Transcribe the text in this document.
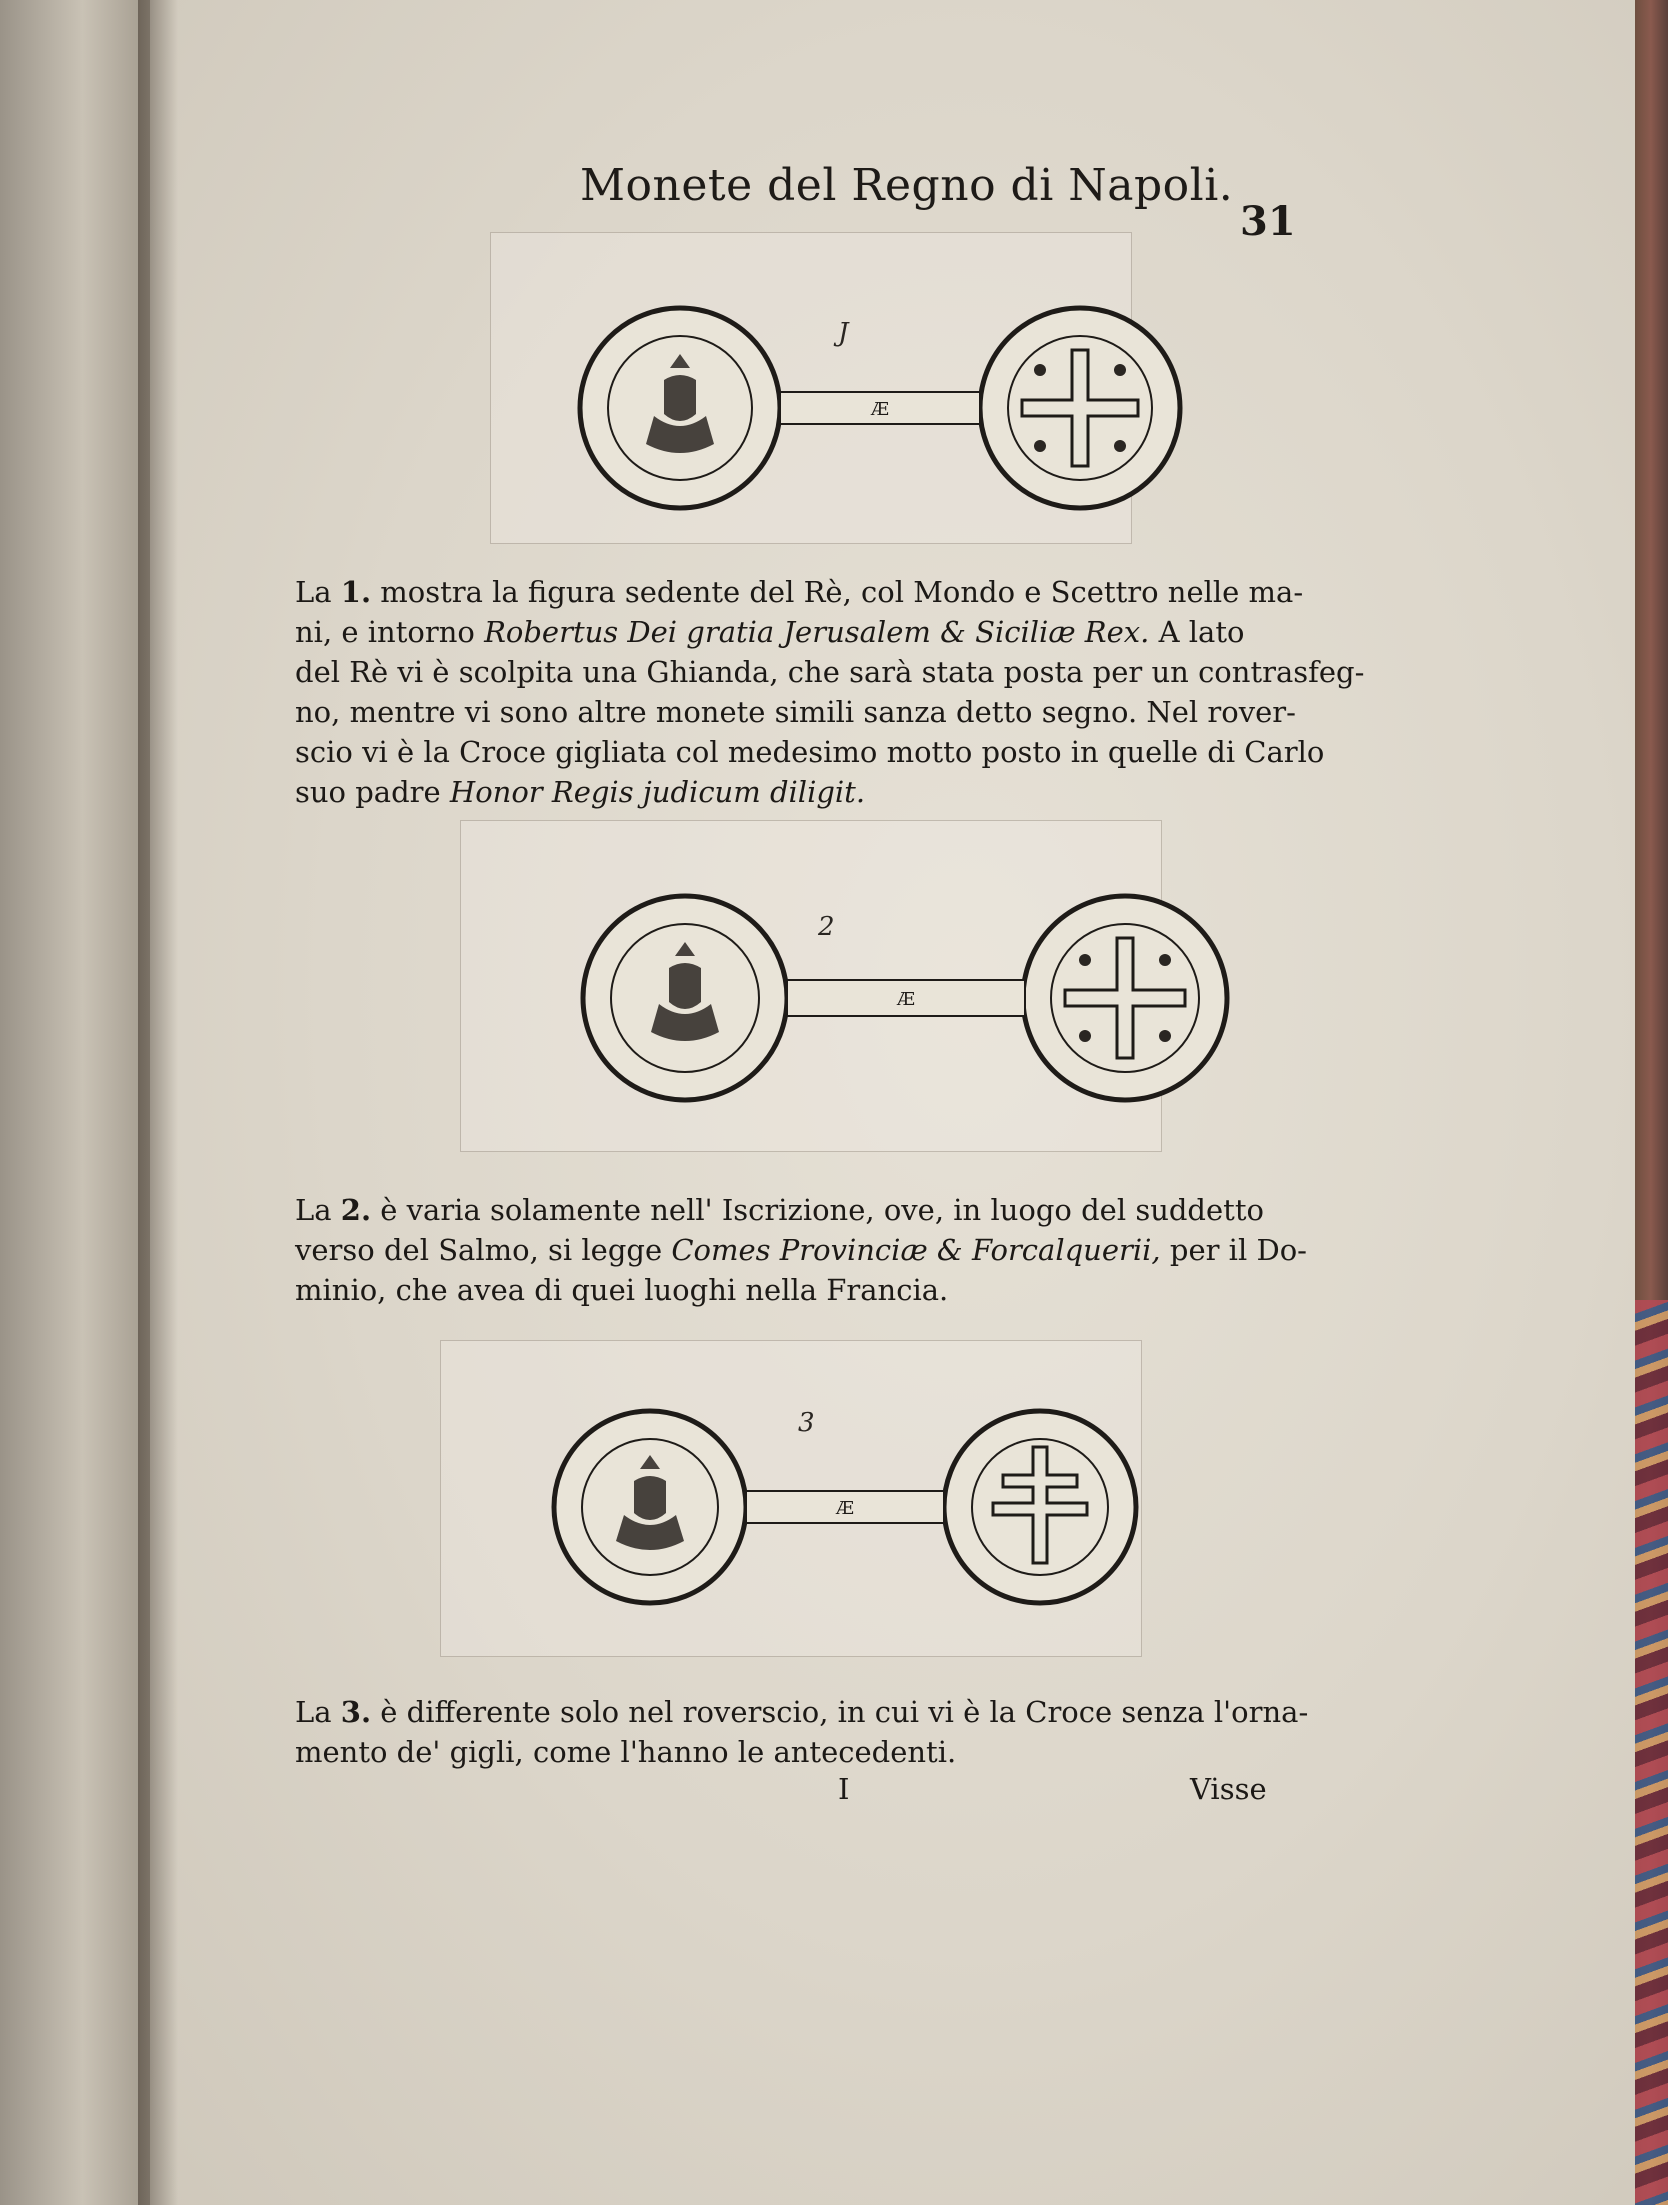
Monete del Regno di Napoli.
31
J
ROBERT·D·GRA·IERL·ET·SICIL·REX
Æ
La 1. mostra la figura sedente del Rè, col Mondo e Scettro nelle ma-
ni, e intorno Robertus Dei gratia Jerusalem & Siciliæ Rex. A lato
del Rè vi è scolpita una Ghianda, che sarà stata posta per un contrasfeg-
no, mentre vi sono altre monete simili sanza detto segno. Nel rover-
scio vi è la Croce gigliata col medesimo motto posto in quelle di Carlo
suo padre Honor Regis judicum diligit.
2
Æ
La 2. è varia solamente nell' Iscrizione, ove, in luogo del suddetto
verso del Salmo, si legge Comes Provinciæ & Forcalquerii, per il Do-
minio, che avea di quei luoghi nella Francia.
3
Æ
La 3. è differente solo nel roverscio, in cui vi è la Croce senza l'orna-
mento de' gigli, come l'hanno le antecedenti.
I	Visse
